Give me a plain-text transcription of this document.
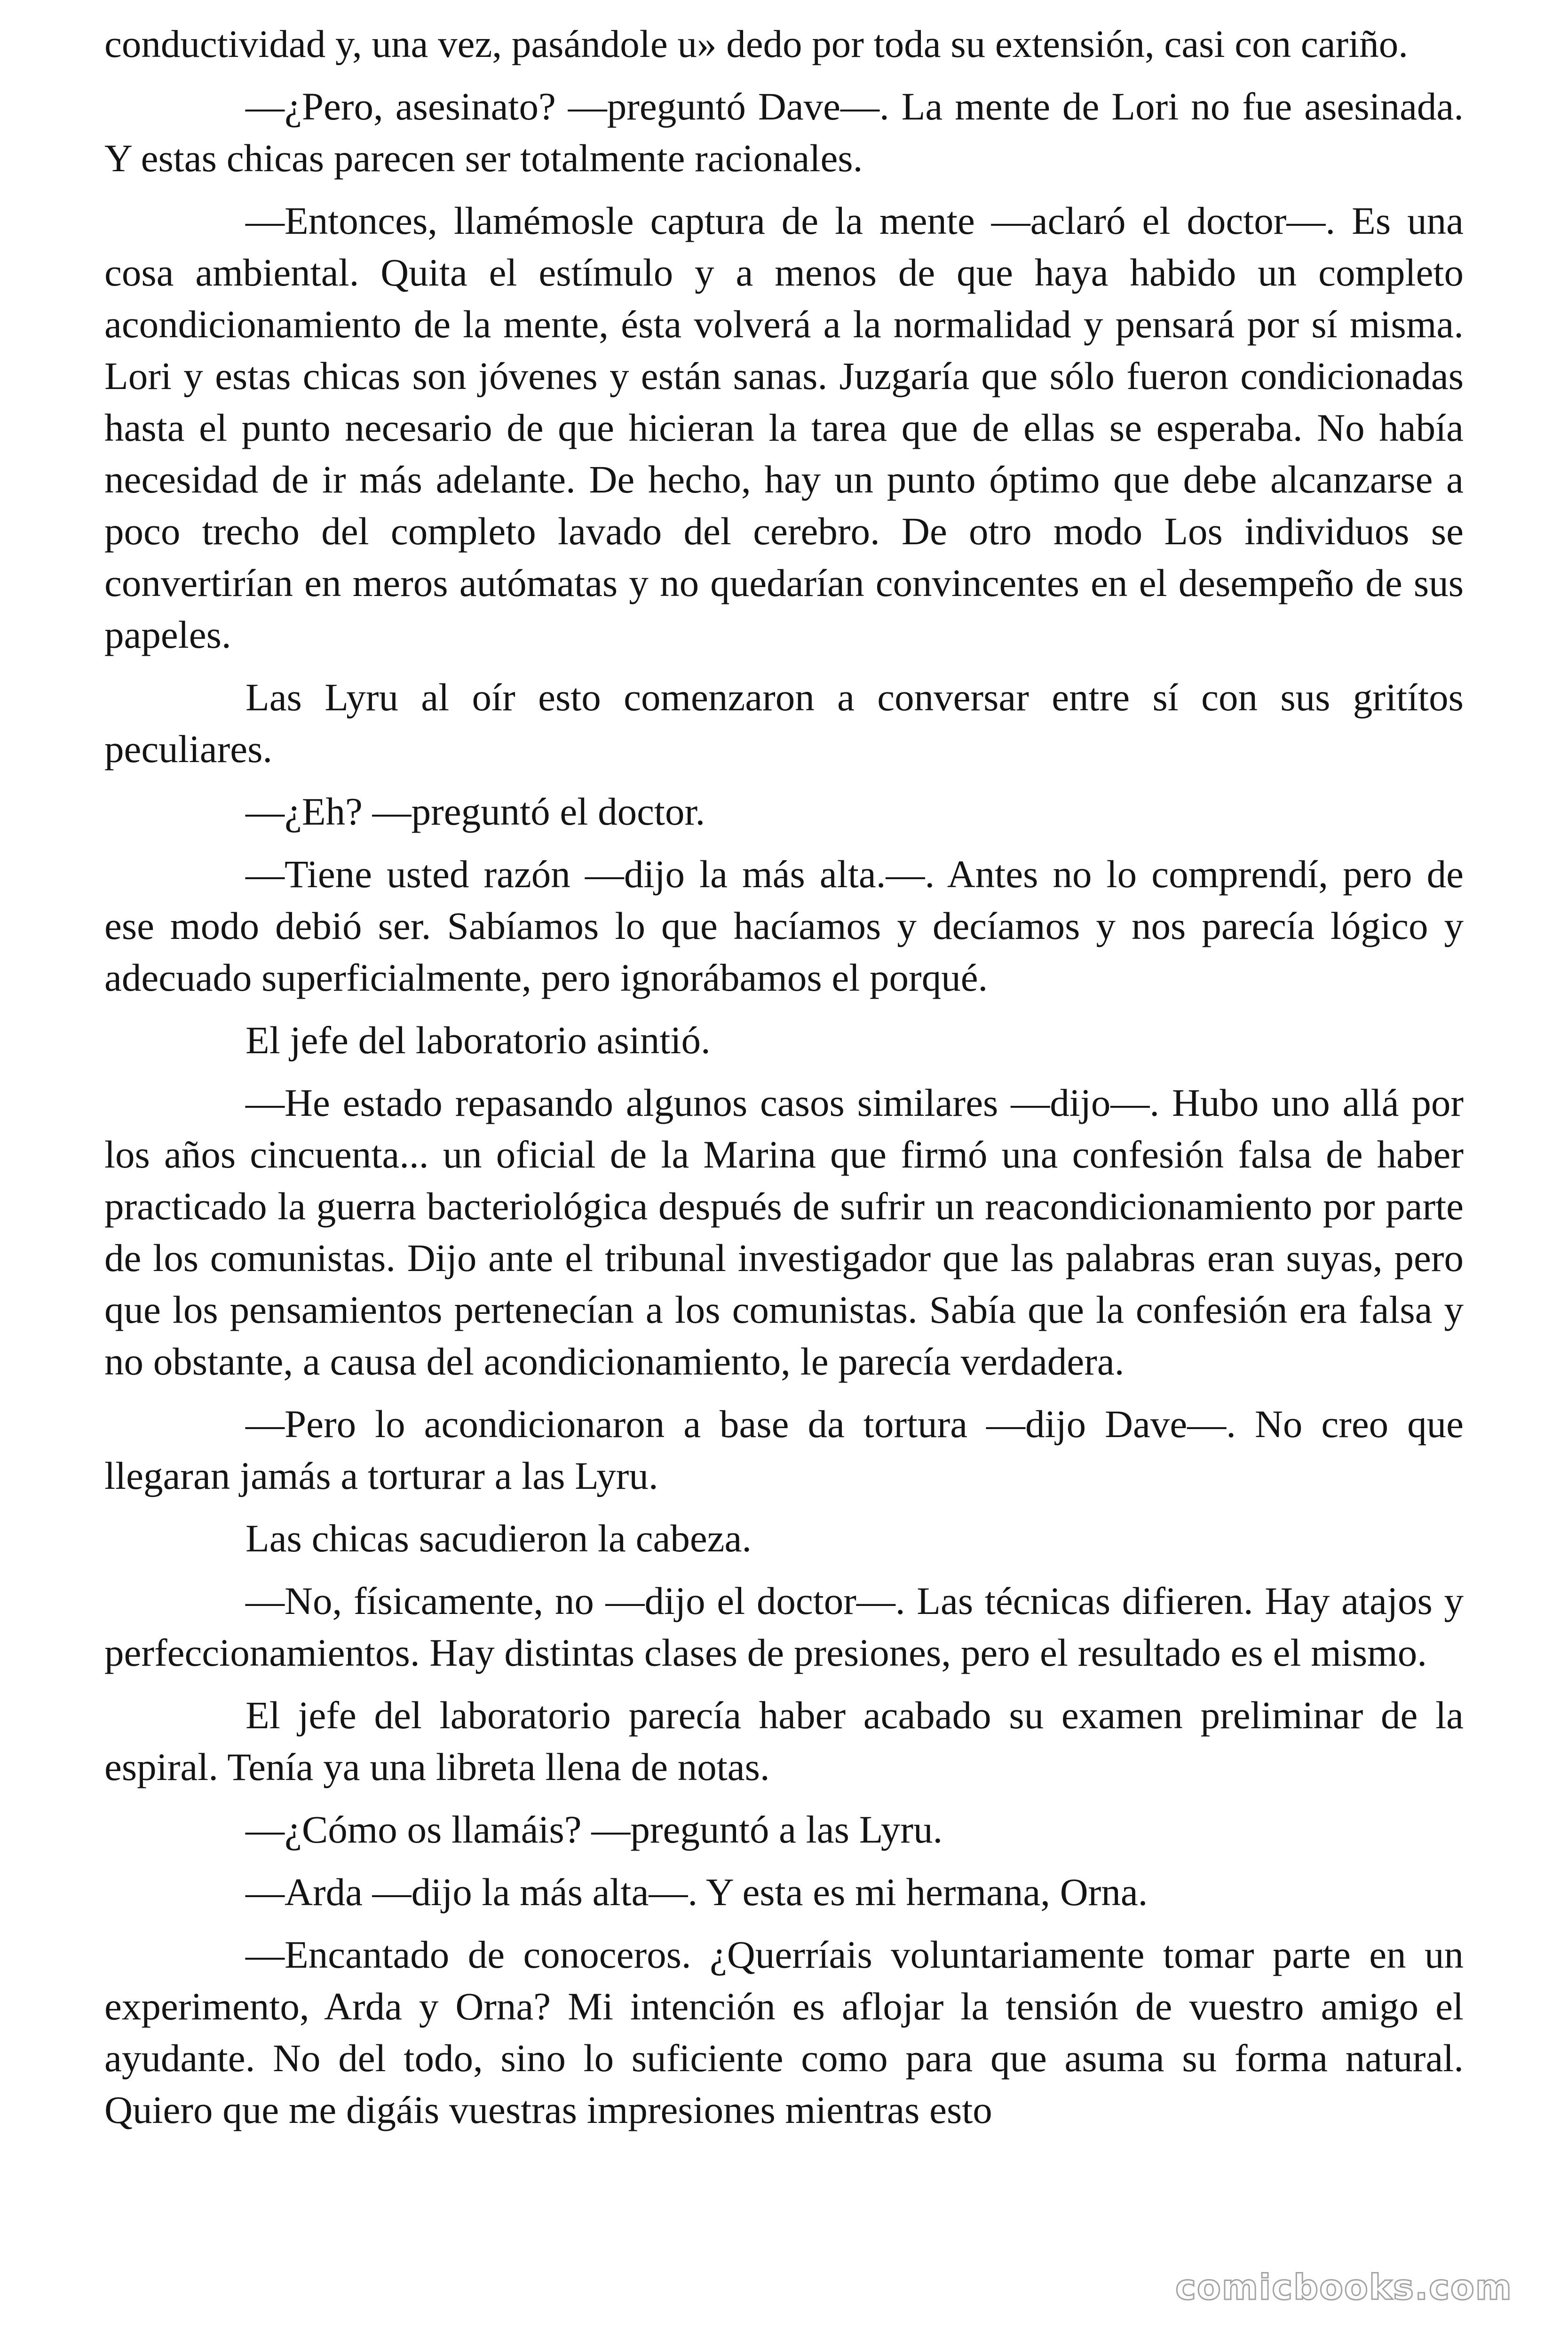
conductividad y, una vez, pasándole u» dedo por toda su extensión, casi con cariño.

—¿Pero, asesinato? —preguntó Dave—. La mente de Lori no fue asesinada. Y estas chicas parecen ser totalmente racionales.

—Entonces, llamémosle captura de la mente —aclaró el doctor—. Es una cosa ambiental. Quita el estímulo y a menos de que haya habido un completo acondicionamiento de la mente, ésta volverá a la normalidad y pensará por sí misma. Lori y estas chicas son jóvenes y están sanas. Juzgaría que sólo fueron condicionadas hasta el punto necesario de que hicieran la tarea que de ellas se esperaba. No había necesidad de ir más adelante. De hecho, hay un punto óptimo que debe alcanzarse a poco trecho del completo lavado del cerebro. De otro modo Los individuos se convertirían en meros autómatas y no quedarían convincentes en el desempeño de sus papeles.

Las Lyru al oír esto comenzaron a conversar entre sí con sus gritítos peculiares.

—¿Eh? —preguntó el doctor.

—Tiene usted razón —dijo la más alta.—. Antes no lo comprendí, pero de ese modo debió ser. Sabíamos lo que hacíamos y decíamos y nos parecía lógico y adecuado superficialmente, pero ignorábamos el porqué.

El jefe del laboratorio asintió.

—He estado repasando algunos casos similares —dijo—. Hubo uno allá por los años cincuenta... un oficial de la Marina que firmó una confesión falsa de haber practicado la guerra bacteriológica después de sufrir un reacondicionamiento por parte de los comunistas. Dijo ante el tribunal investigador que las palabras eran suyas, pero que los pensamientos pertenecían a los comunistas. Sabía que la confesión era falsa y no obstante, a causa del acondicionamiento, le parecía verdadera.

—Pero lo acondicionaron a base da tortura —dijo Dave—. No creo que llegaran jamás a torturar a las Lyru.

Las chicas sacudieron la cabeza.

—No, físicamente, no —dijo el doctor—. Las técnicas difieren. Hay atajos y perfeccionamientos. Hay distintas clases de presiones, pero el resultado es el mismo.

El jefe del laboratorio parecía haber acabado su examen preliminar de la espiral. Tenía ya una libreta llena de notas.

—¿Cómo os llamáis? —preguntó a las Lyru.

—Arda —dijo la más alta—. Y esta es mi hermana, Orna.

—Encantado de conoceros. ¿Querríais voluntariamente tomar parte en un experimento, Arda y Orna? Mi intención es aflojar la tensión de vuestro amigo el ayudante. No del todo, sino lo suficiente como para que asuma su forma natural. Quiero que me digáis vuestras impresiones mientras esto

comicbooks.com
